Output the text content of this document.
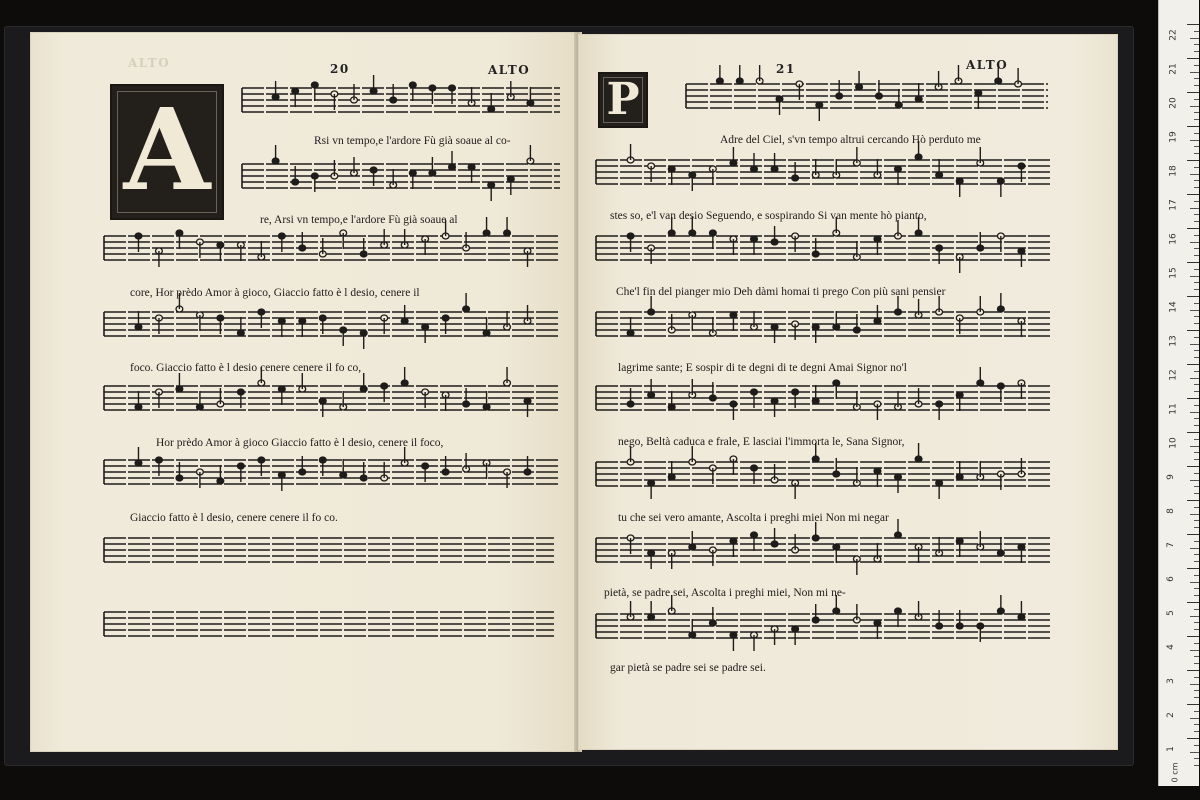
ALTO	20	ALTO
A	Rsi vn tempo,e l'ardore Fù già soaue al co-
re, Arsi vn tempo,e l'ardore Fù già soaue al
core, Hor prèdo Amor à gioco, Giaccio fatto è l desio, cenere il
foco. Giaccio fatto è l desio cenere cenere il fo co,
Hor prèdo Amor à gioco Giaccio fatto è l desio, cenere il foco,
Giaccio fatto è l desio, cenere cenere il fo co.
21	ALTO
P
Adre del Ciel, s'vn tempo altrui cercando Hò perduto me
stes so, e'l van desio Seguendo, e sospirando Si van mente hò pianto,
Che'l fin del pianger mio Deh dàmi homai ti prego Con più sani pensier
lagrime sante; E sospir di te degni di te degni Amai Signor no'l
nego, Beltà caduca e frale, E lasciai l'immorta le, Sana Signor,
tu che sei vero amante, Ascolta i preghi miei Non mi negar
pietà, se padre sei, Ascolta i preghi miei, Non mi ne-
gar pietà se padre sei se padre sei.
22
21
20
19
18
17
16
15
14
13
12
11
10
9
8
7
6
5
4
3
2
1
0 cm
